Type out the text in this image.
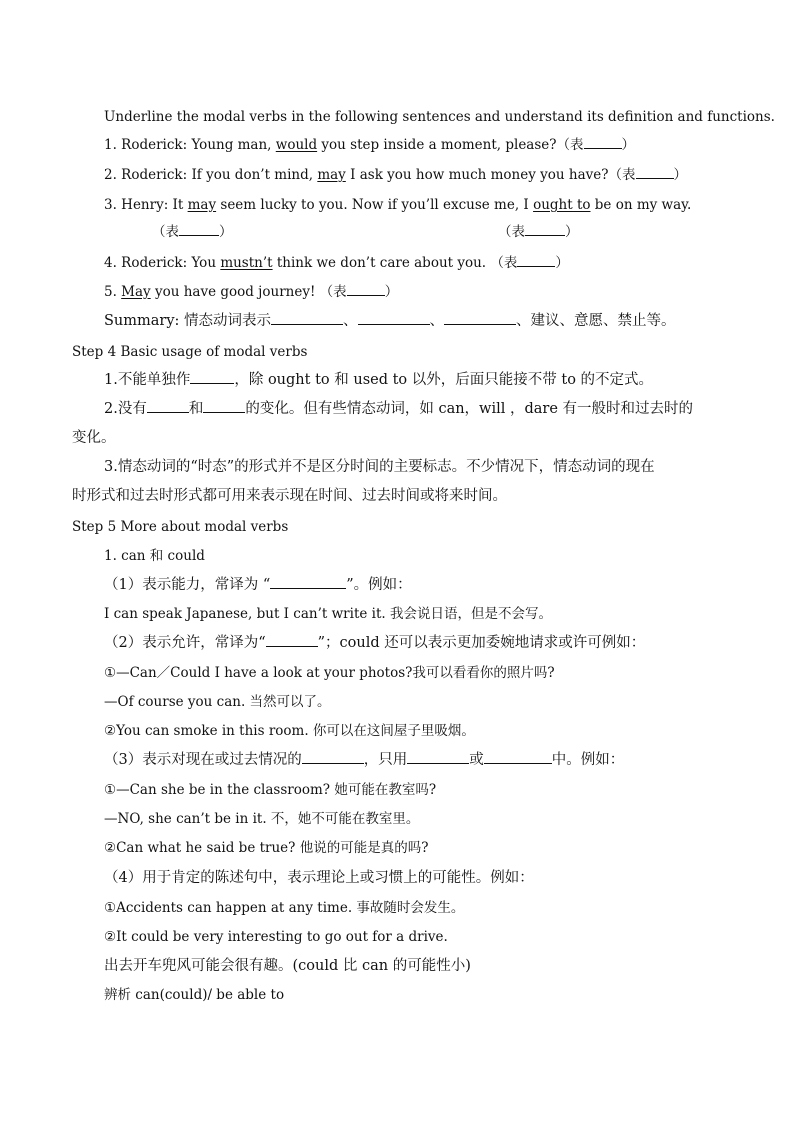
Underline the modal verbs in the following sentences and understand its definition and functions.
1. Roderick: Young man, would you step inside a moment, please?（表	）
2. Roderick: If you don’t mind, may I ask you how much money you have?（表	）
3. Henry: It may seem lucky to you. Now if you’ll excuse me, I ought to be on my way.
（表	）	（表	）
4. Roderick: You mustn’t think we don’t care about you. （表	）
5. May you have good journey! （表	）
Summary: 情态动词表示	、	、	、建议、意愿、禁止等。
Step 4 Basic usage of modal verbs
1.不能单独作	，除 ought to 和 used to 以外，后面只能接不带 to 的不定式。
2.没有	和	的变化。但有些情态动词，如 can，will ，dare 有一般时和过去时的
变化。
3.情态动词的“时态”的形式并不是区分时间的主要标志。不少情况下，情态动词的现在
时形式和过去时形式都可用来表示现在时间、过去时间或将来时间。
Step 5 More about modal verbs
1. can 和 could
（1）表示能力，常译为 “	”。例如：
I can speak Japanese, but I can’t write it. 我会说日语，但是不会写。
（2）表示允许，常译为“	”；could 还可以表示更加委婉地请求或许可例如：
①—Can／Could I have a look at your photos?我可以看看你的照片吗?
—Of course you can. 当然可以了。
②You can smoke in this room. 你可以在这间屋子里吸烟。
（3）表示对现在或过去情况的	，只用	或	中。例如：
①—Can she be in the classroom? 她可能在教室吗?
—NO, she can’t be in it. 不，她不可能在教室里。
②Can what he said be true? 他说的可能是真的吗?
（4）用于肯定的陈述句中，表示理论上或习惯上的可能性。例如：
①Accidents can happen at any time. 事故随时会发生。
②It could be very interesting to go out for a drive.
出去开车兜风可能会很有趣。(could 比 can 的可能性小)
辨析 can(could)/ be able to
